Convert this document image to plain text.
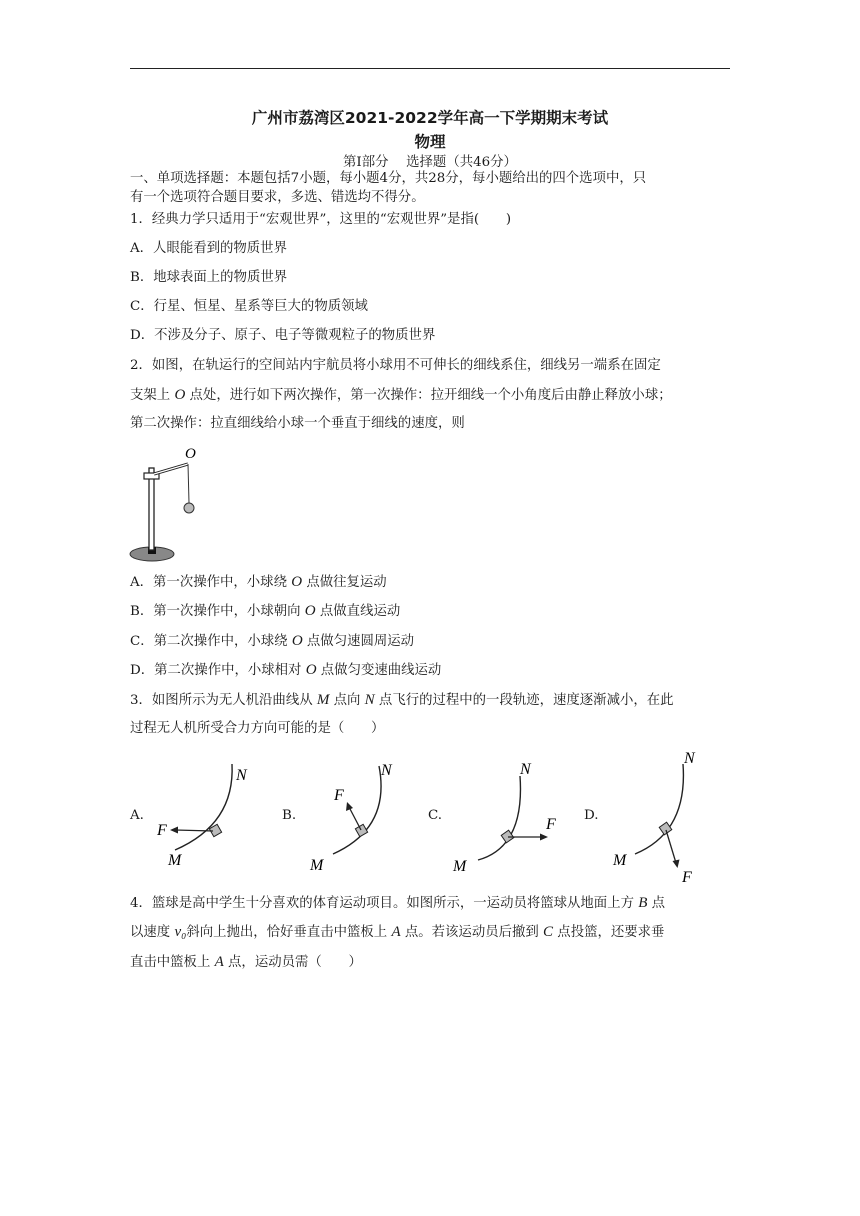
广州市荔湾区2021-2022学年高一下学期期末考试
物理
第Ⅰ部分　 选择题（共46分）
一、单项选择题：本题包括7小题，每小题4分，共28分，每小题给出的四个选项中，只
有一个选项符合题目要求，多选、错选均不得分。
1．经典力学只适用于“宏观世界”，这里的“宏观世界”是指(　　)
A．人眼能看到的物质世界
B．地球表面上的物质世界
C．行星、恒星、星系等巨大的物质领域
D．不涉及分子、原子、电子等微观粒子的物质世界
2．如图，在轨运行的空间站内宇航员将小球用不可伸长的细线系住，细线另一端系在固定
支架上 O 点处，进行如下两次操作，第一次操作：拉开细线一个小角度后由静止释放小球；
第二次操作：拉直细线给小球一个垂直于细线的速度，则
O
A．第一次操作中，小球绕 O 点做往复运动
B．第一次操作中，小球朝向 O 点做直线运动
C．第二次操作中，小球绕 O 点做匀速圆周运动
D．第二次操作中，小球相对 O 点做匀变速曲线运动
3．如图所示为无人机沿曲线从 M 点向 N 点飞行的过程中的一段轨迹，速度逐渐减小，在此
过程无人机所受合力方向可能的是（　　）
A.
N
M
F
B.
N
M
F
C.
N
M
F
D.
N
M
F
4．篮球是高中学生十分喜欢的体育运动项目。如图所示，一运动员将篮球从地面上方 B 点
以速度 v₀斜向上抛出，恰好垂直击中篮板上 A 点。若该运动员后撤到 C 点投篮，还要求垂
直击中篮板上 A 点，运动员需（　　）
